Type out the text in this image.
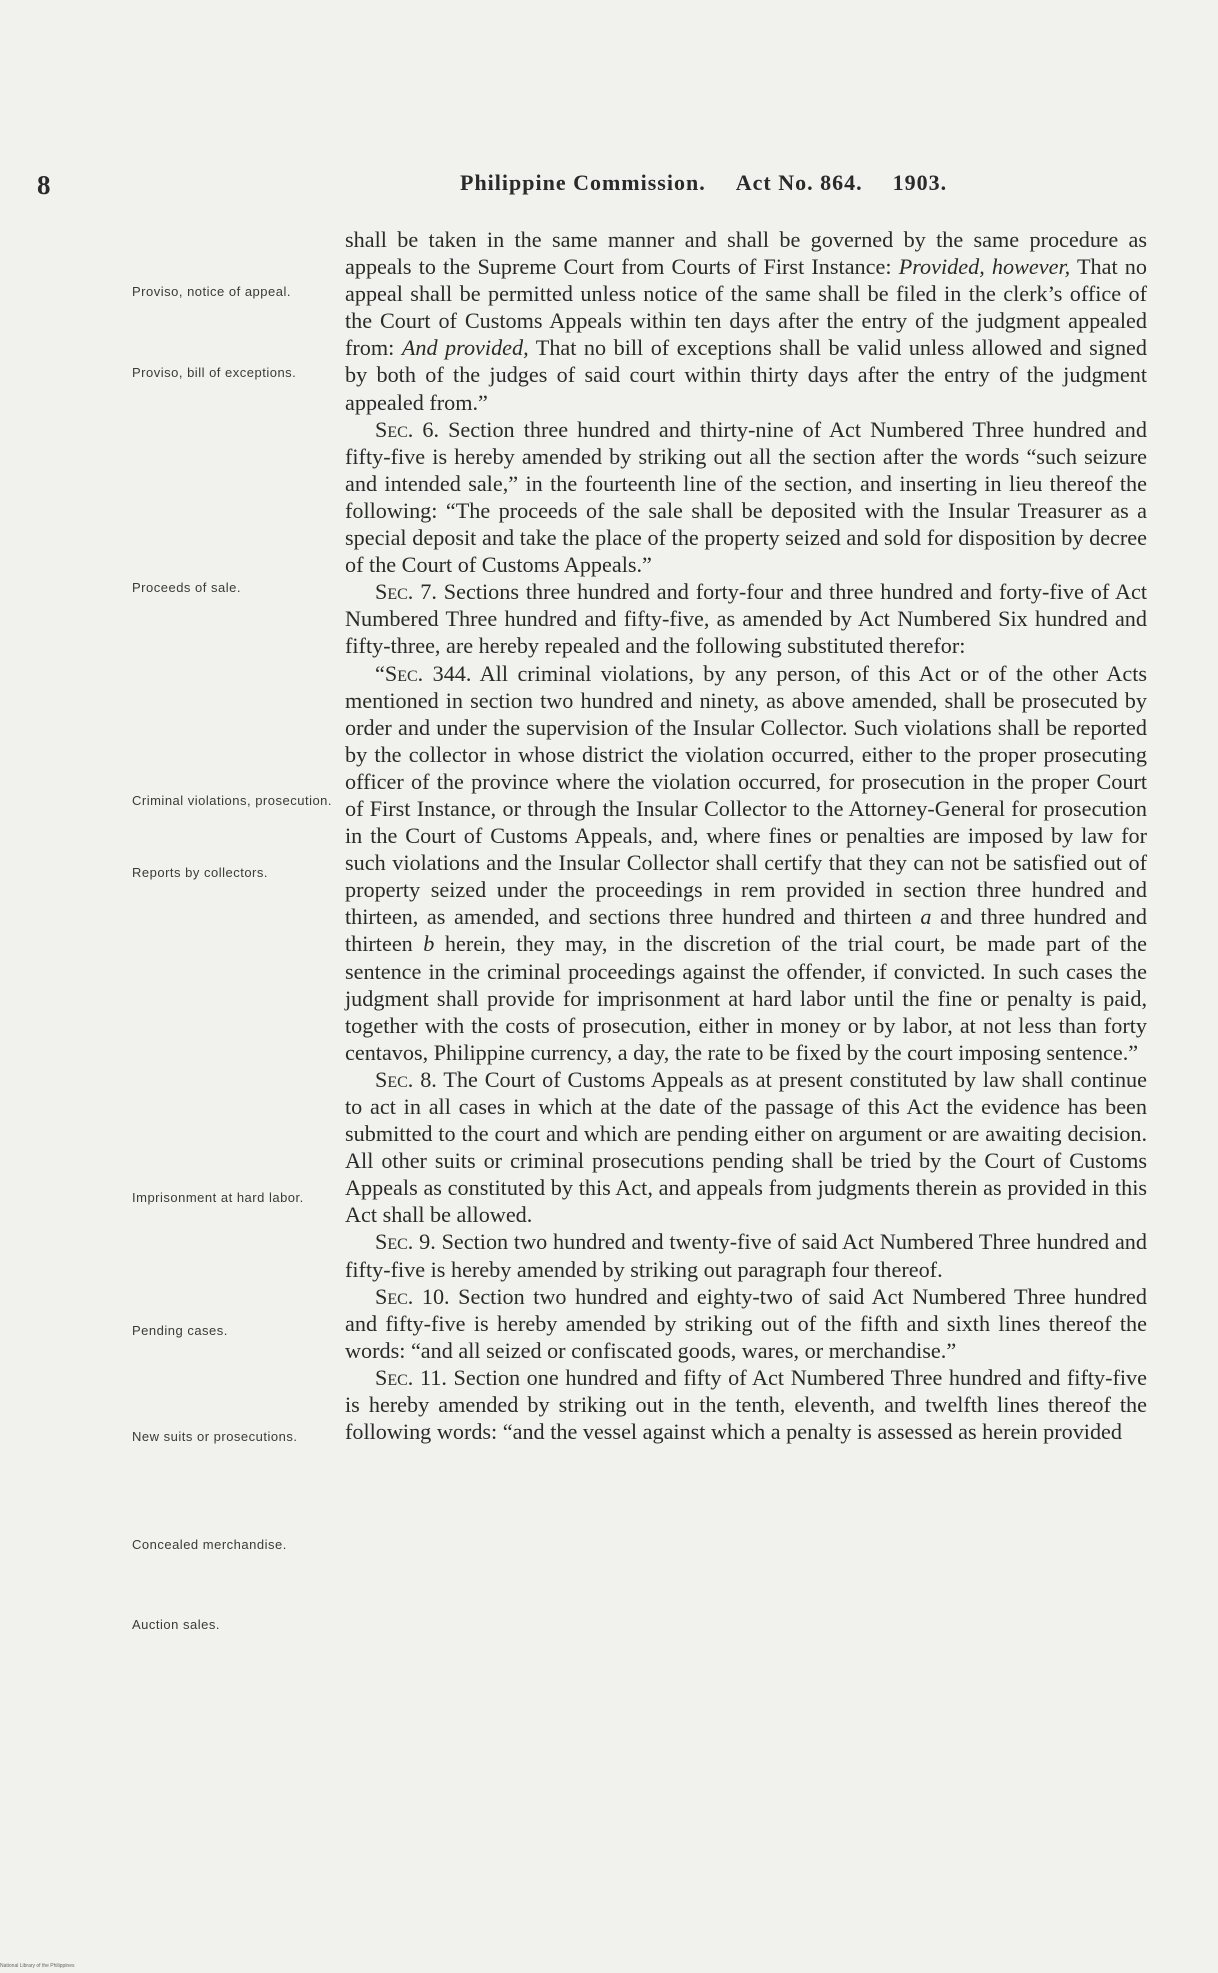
8	Philippine Commission. Act No. 864. 1903.
Proviso, notice of appeal.
Proviso, bill of exceptions.
Proceeds of sale.
Criminal violations, prosecution.
Reports by collectors.
Imprisonment at hard labor.
Pending cases.
New suits or prosecutions.
Concealed merchandise.
Auction sales.

shall be taken in the same manner and shall be governed by the same procedure as appeals to the Supreme Court from Courts of First Instance: Provided, however, That no appeal shall be permitted unless notice of the same shall be filed in the clerk’s office of the Court of Customs Appeals within ten days after the entry of the judgment appealed from: And provided, That no bill of exceptions shall be valid unless allowed and signed by both of the judges of said court within thirty days after the entry of the judgment appealed from.”

Sec. 6. Section three hundred and thirty-nine of Act Numbered Three hundred and fifty-five is hereby amended by striking out all the section after the words “such seizure and intended sale,” in the fourteenth line of the section, and inserting in lieu thereof the following: “The proceeds of the sale shall be deposited with the Insular Treasurer as a special deposit and take the place of the property seized and sold for disposition by decree of the Court of Customs Appeals.”

Sec. 7. Sections three hundred and forty-four and three hundred and forty-five of Act Numbered Three hundred and fifty-five, as amended by Act Numbered Six hundred and fifty-three, are hereby repealed and the following substituted therefor:

“Sec. 344. All criminal violations, by any person, of this Act or of the other Acts mentioned in section two hundred and ninety, as above amended, shall be prosecuted by order and under the supervision of the Insular Collector. Such violations shall be reported by the collector in whose district the violation occurred, either to the proper prosecuting officer of the province where the violation occurred, for prosecution in the proper Court of First Instance, or through the Insular Collector to the Attorney-General for prosecution in the Court of Customs Appeals, and, where fines or penalties are imposed by law for such violations and the Insular Collector shall certify that they can not be satisfied out of property seized under the proceedings in rem provided in section three hundred and thirteen, as amended, and sections three hundred and thirteen a and three hundred and thirteen b herein, they may, in the discretion of the trial court, be made part of the sentence in the criminal proceedings against the offender, if convicted. In such cases the judgment shall provide for imprisonment at hard labor until the fine or penalty is paid, together with the costs of prosecution, either in money or by labor, at not less than forty centavos, Philippine currency, a day, the rate to be fixed by the court imposing sentence.”

Sec. 8. The Court of Customs Appeals as at present constituted by law shall continue to act in all cases in which at the date of the passage of this Act the evidence has been submitted to the court and which are pending either on argument or are awaiting decision. All other suits or criminal prosecutions pending shall be tried by the Court of Customs Appeals as constituted by this Act, and appeals from judgments therein as provided in this Act shall be allowed.

Sec. 9. Section two hundred and twenty-five of said Act Numbered Three hundred and fifty-five is hereby amended by striking out paragraph four thereof.

Sec. 10. Section two hundred and eighty-two of said Act Numbered Three hundred and fifty-five is hereby amended by striking out of the fifth and sixth lines thereof the words: “and all seized or confiscated goods, wares, or merchandise.”

Sec. 11. Section one hundred and fifty of Act Numbered Three hundred and fifty-five is hereby amended by striking out in the tenth, eleventh, and twelfth lines thereof the following words: “and the vessel against which a penalty is assessed as herein provided

National Library of the Philippines
